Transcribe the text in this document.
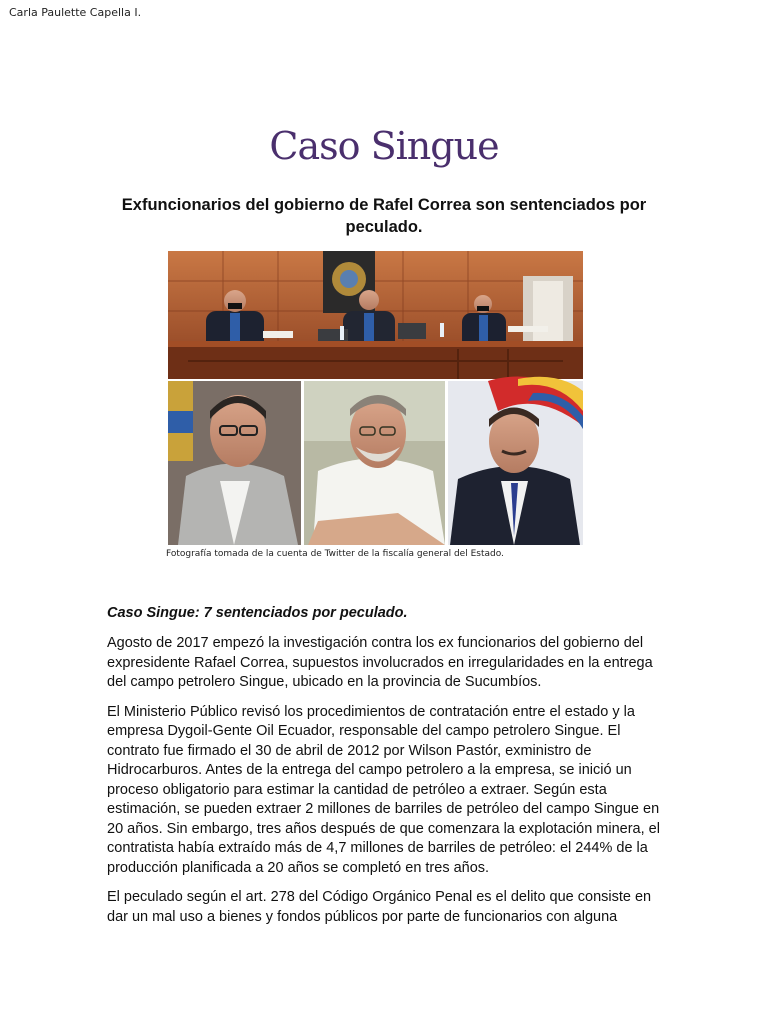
Carla Paulette Capella I.
Caso Singue
Exfuncionarios del gobierno de Rafel Correa son sentenciados por peculado.
Fotografía tomada de la cuenta de Twitter de la fiscalía general del Estado.
Caso Singue: 7 sentenciados por peculado.

Agosto de 2017 empezó la investigación contra los ex funcionarios del gobierno del expresidente Rafael Correa, supuestos involucrados en irregularidades en la entrega del campo petrolero Singue, ubicado en la provincia de Sucumbíos.

El Ministerio Público revisó los procedimientos de contratación entre el estado y la empresa Dygoil-Gente Oil Ecuador, responsable del campo petrolero Singue. El contrato fue firmado el 30 de abril de 2012 por Wilson Pastór, exministro de Hidrocarburos. Antes de la entrega del campo petrolero a la empresa, se inició un proceso obligatorio para estimar la cantidad de petróleo a extraer. Según esta estimación, se pueden extraer 2 millones de barriles de petróleo del campo Singue en 20 años. Sin embargo, tres años después de que comenzara la explotación minera, el contratista había extraído más de 4,7 millones de barriles de petróleo: el 244% de la producción planificada a 20 años se completó en tres años.

El peculado según el art. 278 del Código Orgánico Penal es el delito que consiste en dar un mal uso a bienes y fondos públicos por parte de funcionarios con alguna
